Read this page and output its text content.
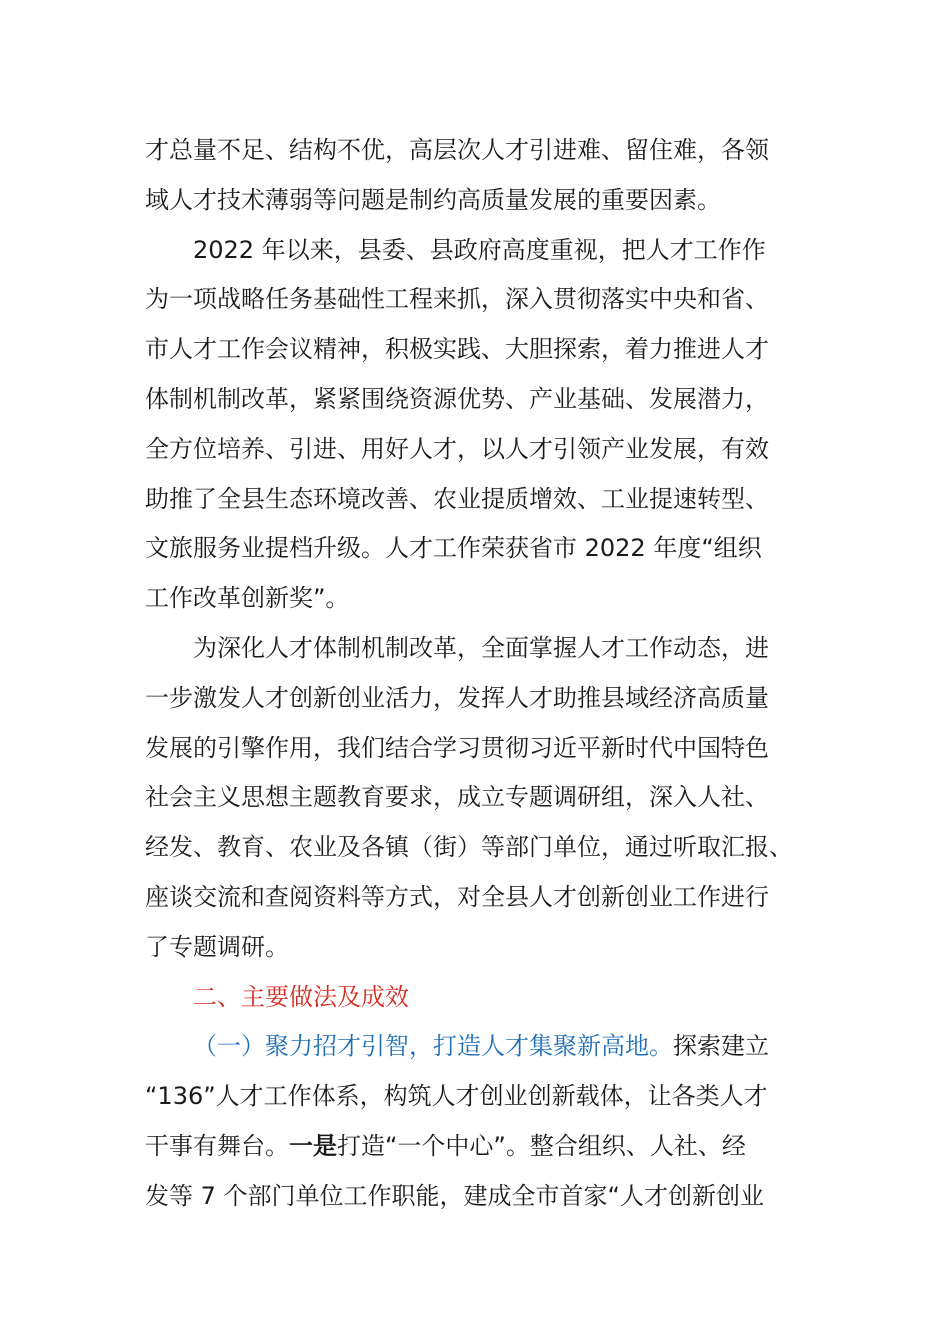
才总量不足、结构不优，高层次人才引进难、留住难，各领
域人才技术薄弱等问题是制约高质量发展的重要因素。
2022 年以来，县委、县政府高度重视，把人才工作作
为一项战略任务基础性工程来抓，深入贯彻落实中央和省、
市人才工作会议精神，积极实践、大胆探索，着力推进人才
体制机制改革，紧紧围绕资源优势、产业基础、发展潜力，
全方位培养、引进、用好人才，以人才引领产业发展，有效
助推了全县生态环境改善、农业提质增效、工业提速转型、
文旅服务业提档升级。人才工作荣获省市 2022 年度“组织
工作改革创新奖”。
为深化人才体制机制改革，全面掌握人才工作动态，进
一步激发人才创新创业活力，发挥人才助推县域经济高质量
发展的引擎作用，我们结合学习贯彻习近平新时代中国特色
社会主义思想主题教育要求，成立专题调研组，深入人社、
经发、教育、农业及各镇（街）等部门单位，通过听取汇报、
座谈交流和查阅资料等方式，对全县人才创新创业工作进行
了专题调研。
二、主要做法及成效
（一）聚力招才引智，打造人才集聚新高地。探索建立
“136”人才工作体系，构筑人才创业创新载体，让各类人才
干事有舞台。一是打造“一个中心”。整合组织、人社、经
发等 7 个部门单位工作职能，建成全市首家“人才创新创业
